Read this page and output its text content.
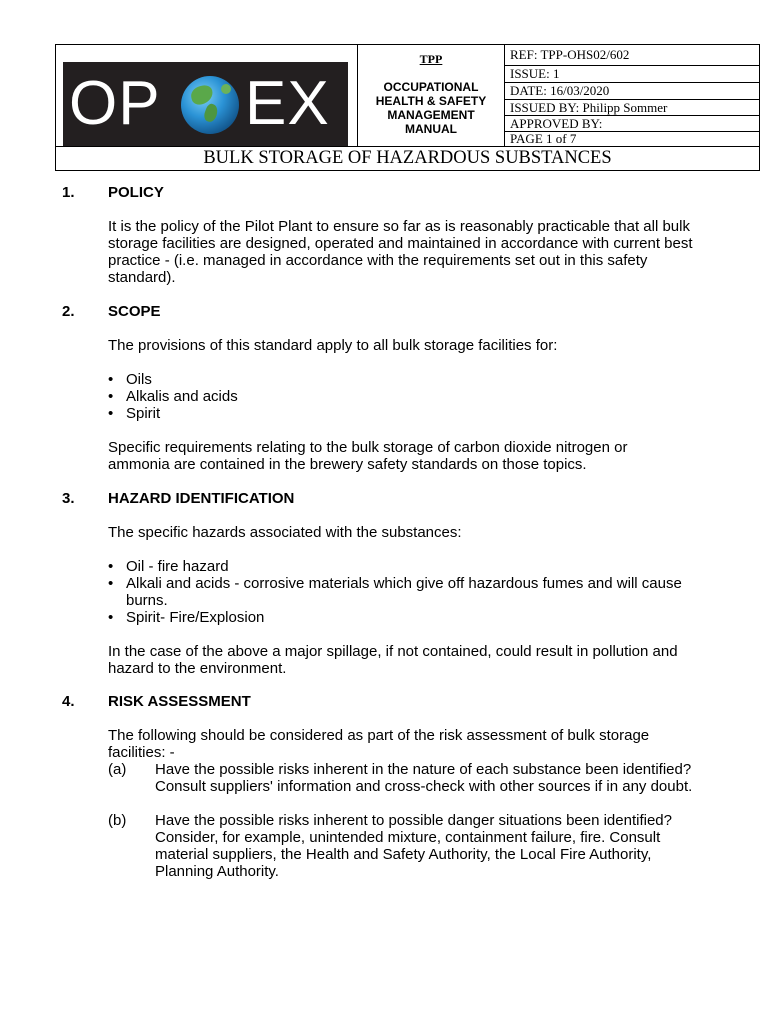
OP EX
TPP
OCCUPATIONAL
HEALTH & SAFETY
MANAGEMENT
MANUAL
REF: TPP-OHS02/602
ISSUE: 1
DATE: 16/03/2020
ISSUED BY: Philipp Sommer
APPROVED BY:
PAGE 1 of 7
BULK STORAGE OF HAZARDOUS SUBSTANCES
1. POLICY
It is the policy of the Pilot Plant to ensure so far as is reasonably practicable that all bulk storage facilities are designed, operated and maintained in accordance with current best practice - (i.e. managed in accordance with the requirements set out in this safety standard).
2. SCOPE
The provisions of this standard apply to all bulk storage facilities for:
• Oils
• Alkalis and acids
• Spirit
Specific requirements relating to the bulk storage of carbon dioxide nitrogen or ammonia are contained in the brewery safety standards on those topics.
3. HAZARD IDENTIFICATION
The specific hazards associated with the substances:
• Oil - fire hazard
• Alkali and acids - corrosive materials which give off hazardous fumes and will cause burns.
• Spirit- Fire/Explosion
In the case of the above a major spillage, if not contained, could result in pollution and hazard to the environment.
4. RISK ASSESSMENT
The following should be considered as part of the risk assessment of bulk storage facilities: -
(a) Have the possible risks inherent in the nature of each substance been identified? Consult suppliers' information and cross-check with other sources if in any doubt.
(b) Have the possible risks inherent to possible danger situations been identified? Consider, for example, unintended mixture, containment failure, fire. Consult material suppliers, the Health and Safety Authority, the Local Fire Authority, Planning Authority.
